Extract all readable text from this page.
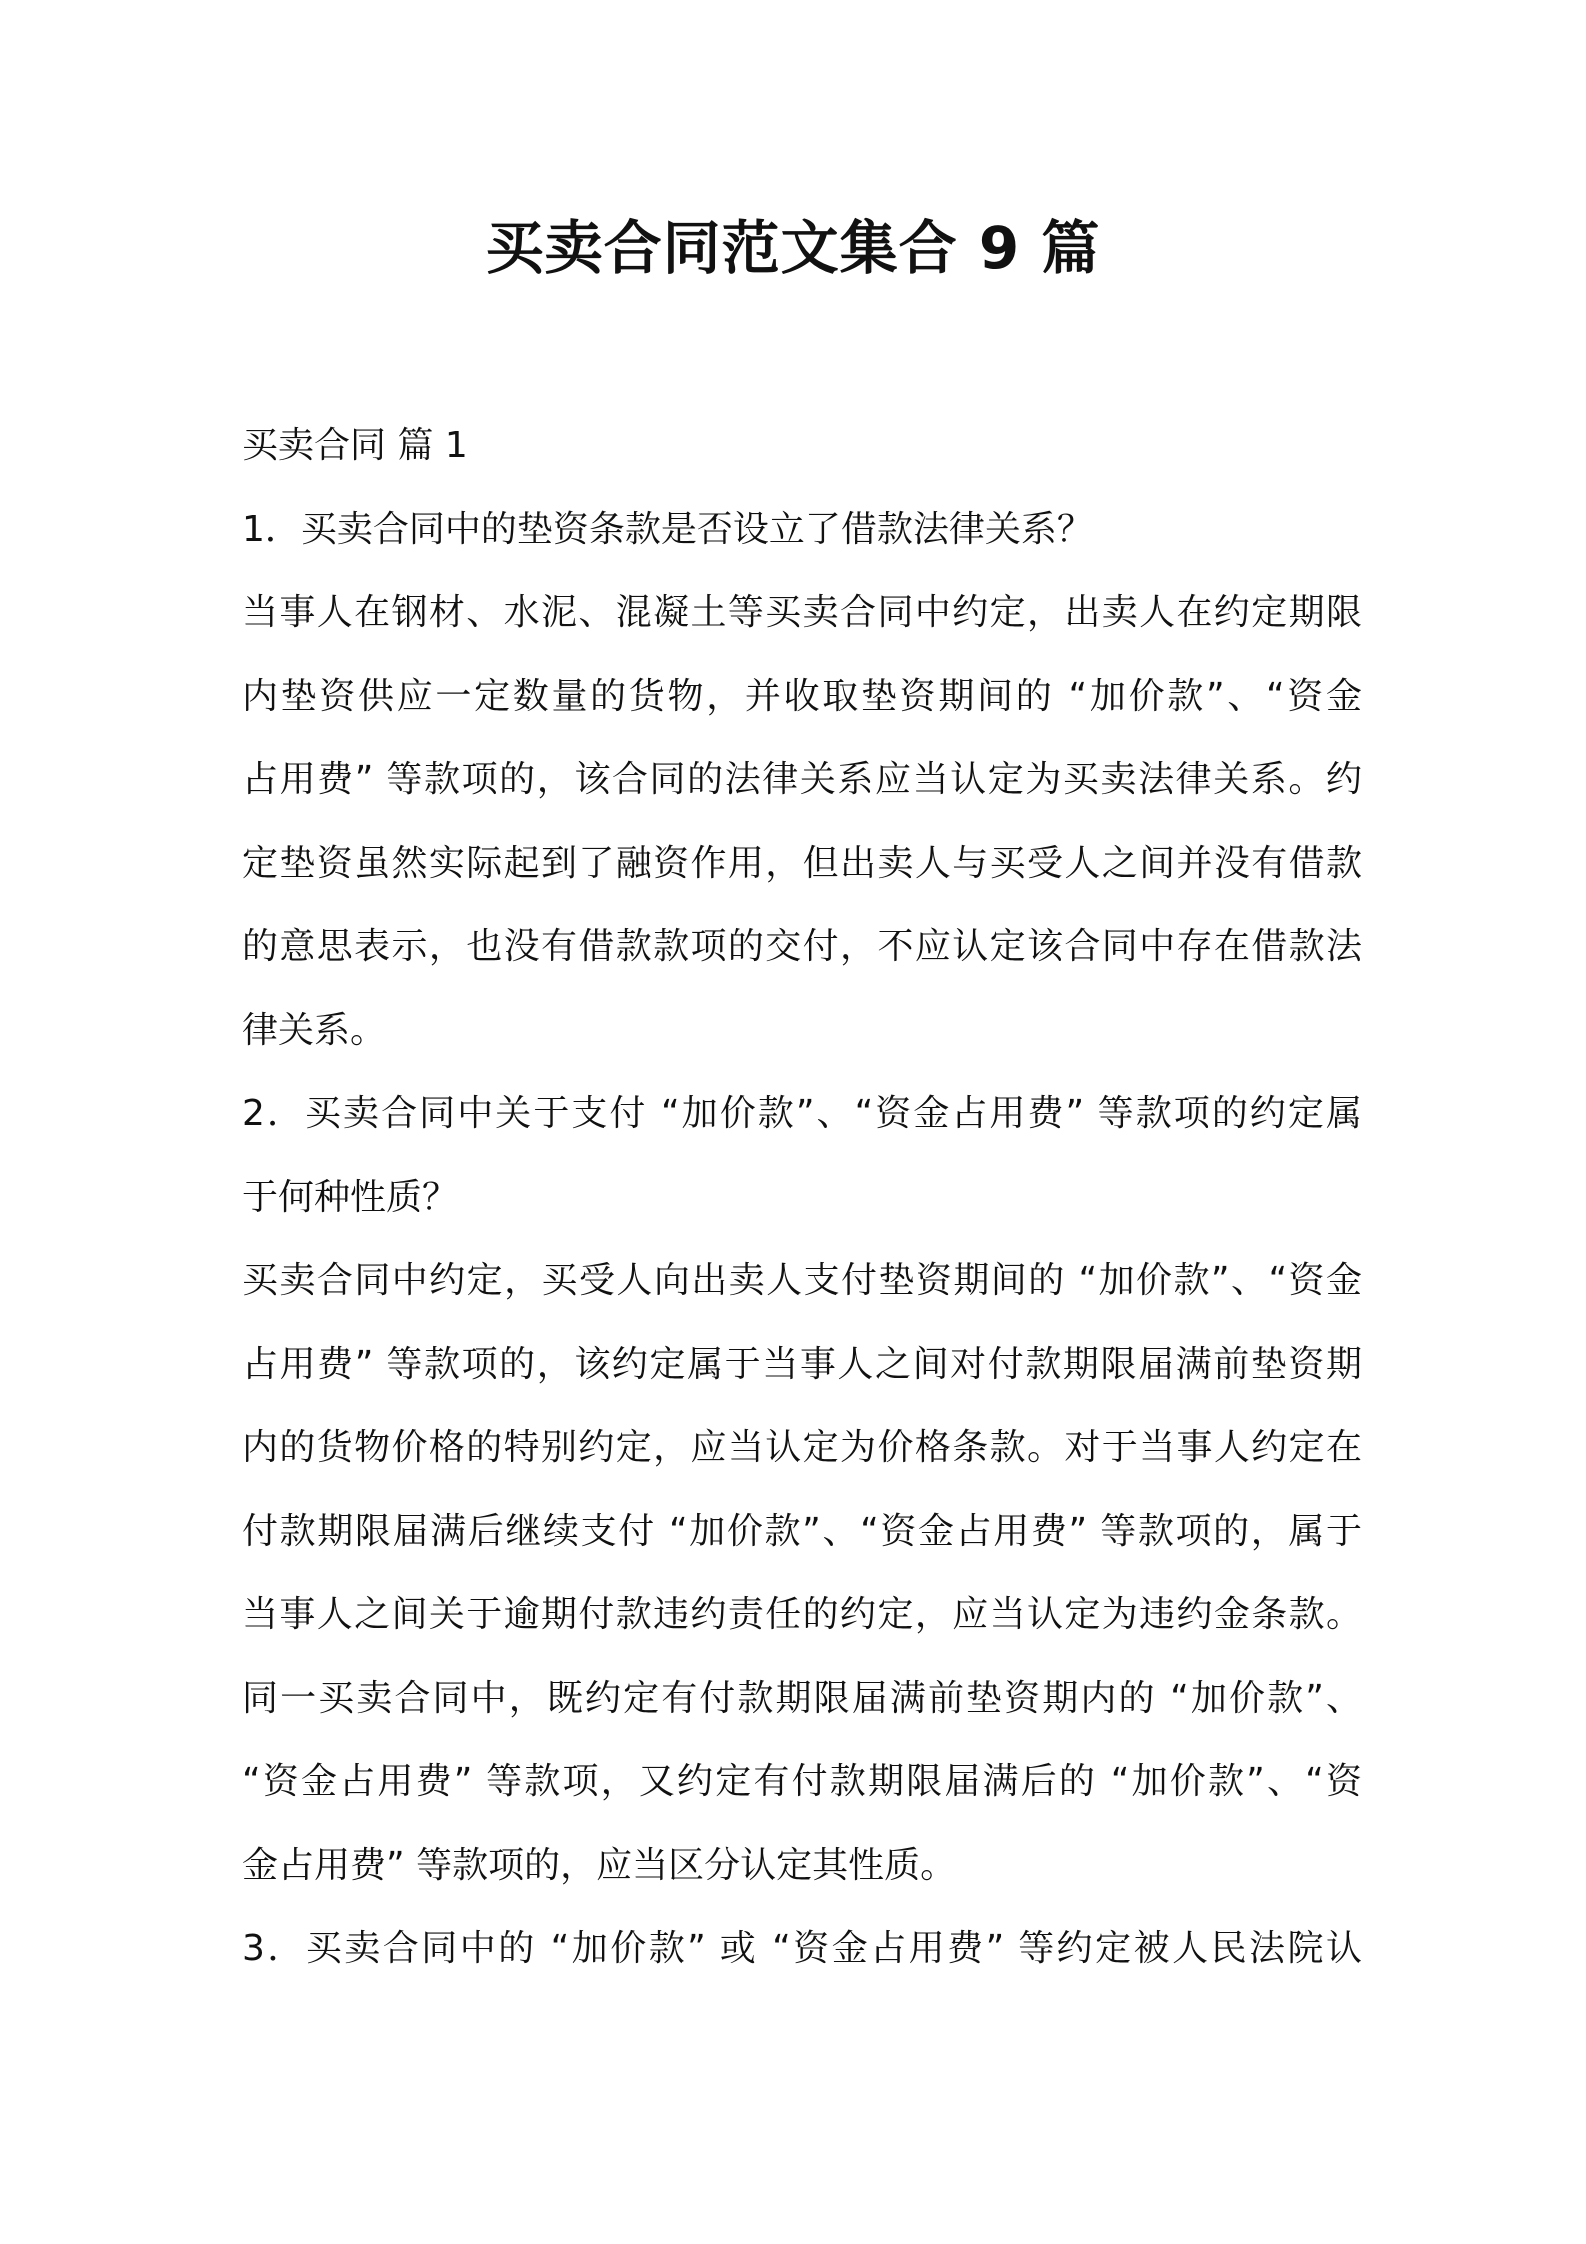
买卖合同范文集合 9 篇
买卖合同 篇 1
1．买卖合同中的垫资条款是否设立了借款法律关系？
当事人在钢材、水泥、混凝土等买卖合同中约定，出卖人在约定期限
内垫资供应一定数量的货物，并收取垫资期间的 “加价款”、“资金
占用费” 等款项的，该合同的法律关系应当认定为买卖法律关系。约
定垫资虽然实际起到了融资作用，但出卖人与买受人之间并没有借款
的意思表示，也没有借款款项的交付，不应认定该合同中存在借款法
律关系。
2．买卖合同中关于支付 “加价款”、“资金占用费” 等款项的约定属
于何种性质？
买卖合同中约定，买受人向出卖人支付垫资期间的 “加价款”、“资金
占用费” 等款项的，该约定属于当事人之间对付款期限届满前垫资期
内的货物价格的特别约定，应当认定为价格条款。对于当事人约定在
付款期限届满后继续支付 “加价款”、“资金占用费” 等款项的，属于
当事人之间关于逾期付款违约责任的约定，应当认定为违约金条款。
同一买卖合同中，既约定有付款期限届满前垫资期内的 “加价款”、
“资金占用费” 等款项，又约定有付款期限届满后的 “加价款”、“资
金占用费” 等款项的，应当区分认定其性质。
3．买卖合同中的 “加价款” 或 “资金占用费” 等约定被人民法院认
